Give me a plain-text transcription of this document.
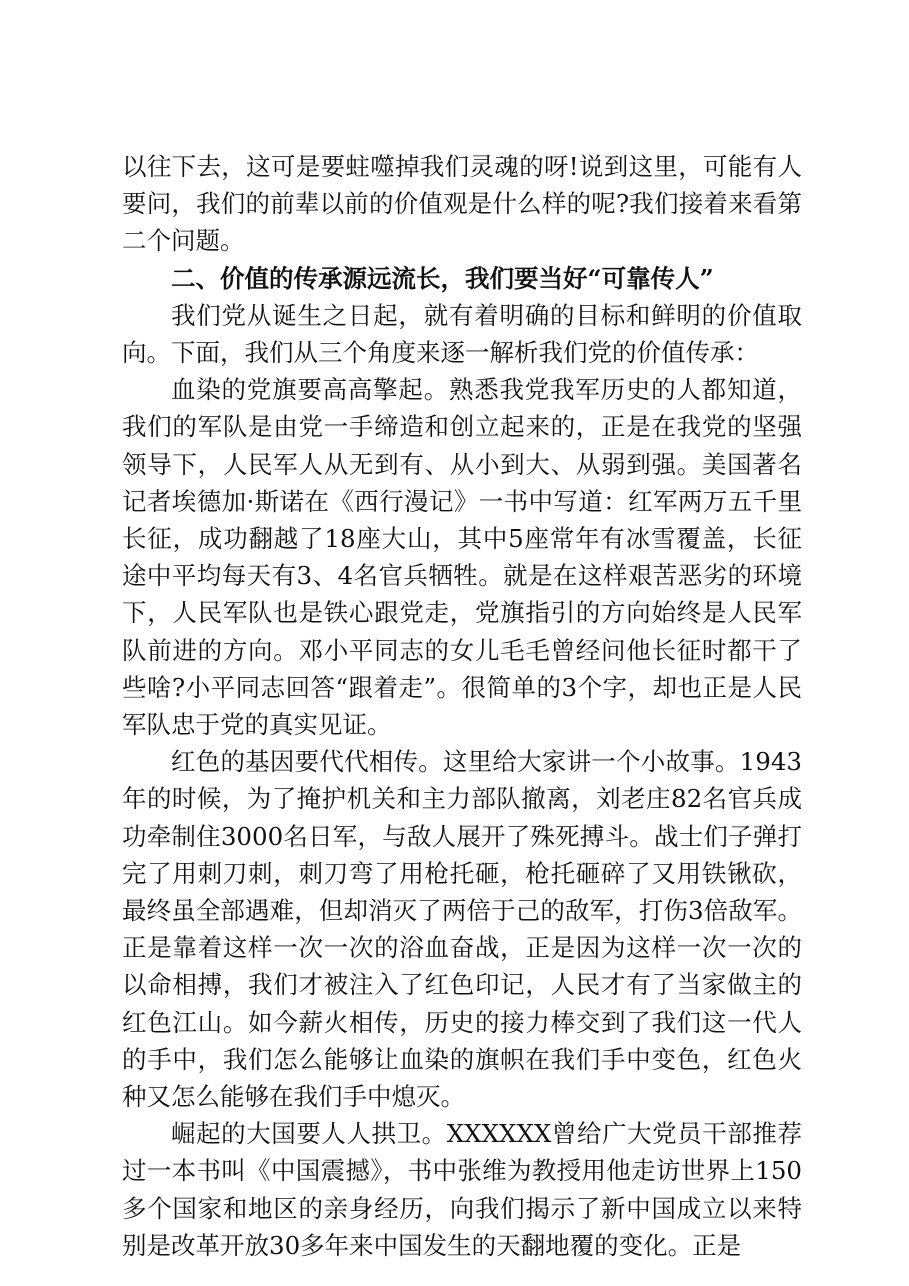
以往下去，这可是要蛀噬掉我们灵魂的呀!说到这里，可能有人要问，我们的前辈以前的价值观是什么样的呢?我们接着来看第二个问题。

二、价值的传承源远流长，我们要当好“可靠传人”

我们党从诞生之日起，就有着明确的目标和鲜明的价值取向。下面，我们从三个角度来逐一解析我们党的价值传承：

血染的党旗要高高擎起。熟悉我党我军历史的人都知道，我们的军队是由党一手缔造和创立起来的，正是在我党的坚强领导下，人民军人从无到有、从小到大、从弱到强。美国著名记者埃德加·斯诺在《西行漫记》一书中写道：红军两万五千里长征，成功翻越了18座大山，其中5座常年有冰雪覆盖，长征途中平均每天有3、4名官兵牺牲。就是在这样艰苦恶劣的环境下，人民军队也是铁心跟党走，党旗指引的方向始终是人民军队前进的方向。邓小平同志的女儿毛毛曾经问他长征时都干了些啥?小平同志回答“跟着走”。很简单的3个字，却也正是人民军队忠于党的真实见证。

红色的基因要代代相传。这里给大家讲一个小故事。1943年的时候，为了掩护机关和主力部队撤离，刘老庄82名官兵成功牵制住3000名日军，与敌人展开了殊死搏斗。战士们子弹打完了用刺刀刺，刺刀弯了用枪托砸，枪托砸碎了又用铁锹砍，最终虽全部遇难，但却消灭了两倍于己的敌军，打伤3倍敌军。正是靠着这样一次一次的浴血奋战，正是因为这样一次一次的以命相搏，我们才被注入了红色印记，人民才有了当家做主的红色江山。如今薪火相传，历史的接力棒交到了我们这一代人的手中，我们怎么能够让血染的旗帜在我们手中变色，红色火种又怎么能够在我们手中熄灭。

崛起的大国要人人拱卫。XXXXXX曾给广大党员干部推荐过一本书叫《中国震撼》，书中张维为教授用他走访世界上150多个国家和地区的亲身经历，向我们揭示了新中国成立以来特别是改革开放30多年来中国发生的天翻地覆的变化。正是
